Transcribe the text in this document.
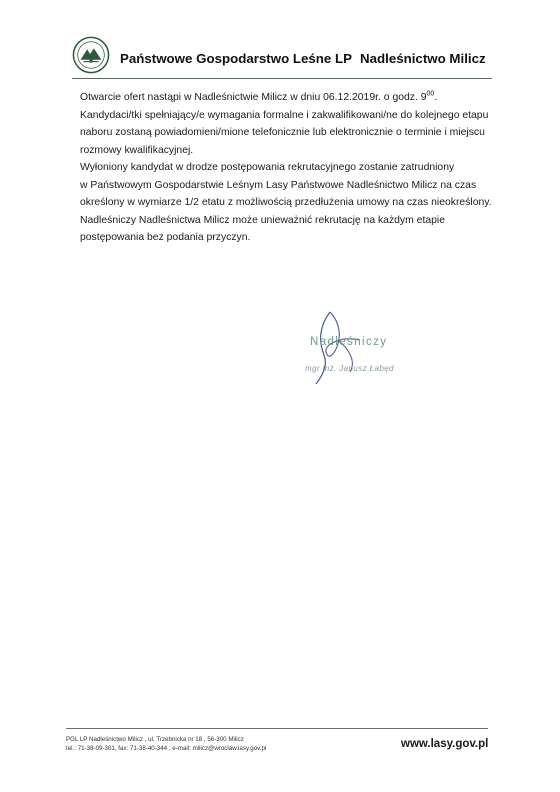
Państwowe Gospodarstwo Leśne LP Nadleśnictwo Milicz

Otwarcie ofert nastąpi w Nadleśnictwie Milicz w dniu 06.12.2019r. o godz. $9^{00}$.

Kandydaci/tki spełniający/e wymagania formalne i zakwalifikowani/ne do kolejnego etapu naboru zostaną powiadomieni/mione telefonicznie lub elektronicznie o terminie i miejscu rozmowy kwalifikacyjnej.

Wyłoniony kandydat w drodze postępowania rekrutacyjnego zostanie zatrudniony

w Państwowym Gospodarstwie Leśnym Lasy Państwowe Nadleśnictwo Milicz na czas określony w wymiarze 1/2 etatu z możliwością przedłużenia umowy na czas nieokreślony.

Nadleśniczy Nadleśnictwa Milicz może unieważnić rekrutację na każdym etapie postępowania bez podania przyczyn.

Nadleśniczy
mgr inż. Janusz Łabęd
PGL LP Nadleśnictwo Milicz , ul. Trzebnicka nr 18 , 56-300 Milicz
tel.: 71-38-09-301, fax: 71-38-40-344 , e-mail: milicz@wroclaw.lasy.gov.pl	www.lasy.gov.pl
